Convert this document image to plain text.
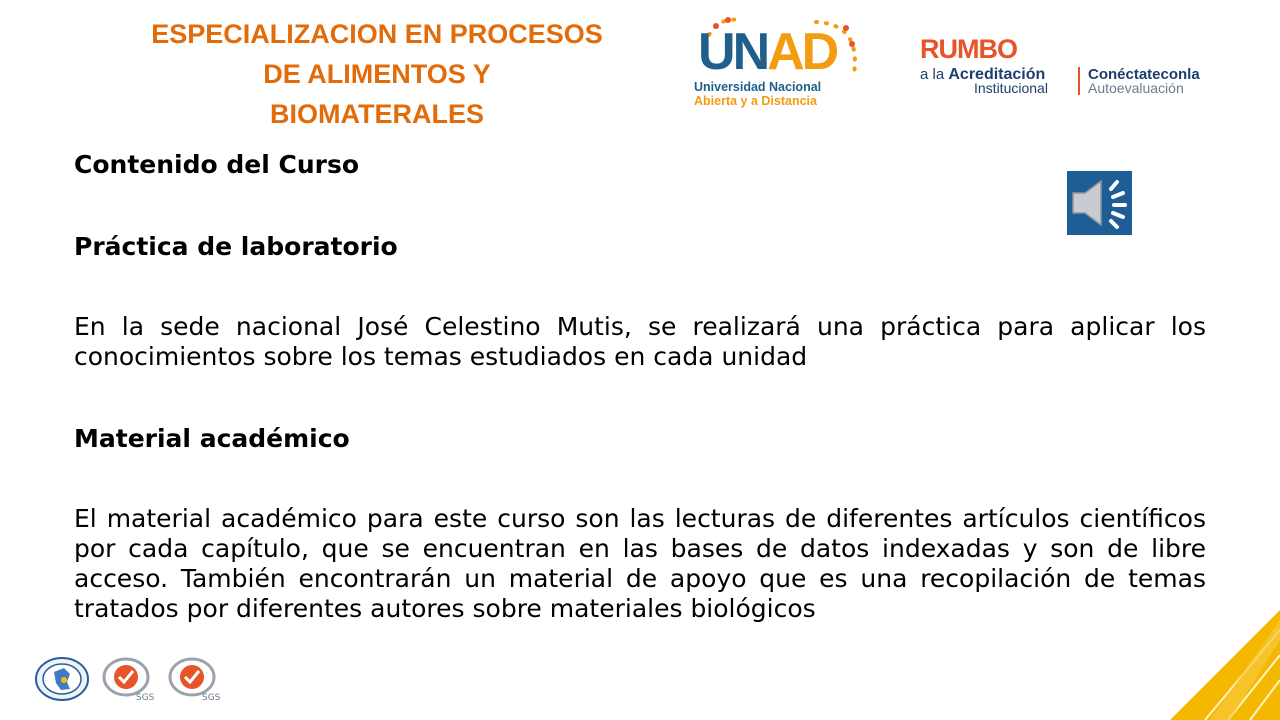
ESPECIALIZACION EN PROCESOS
DE ALIMENTOS Y
BIOMATERALES
UNAD
Universidad Nacional
Abierta y a Distancia
RUMBO
a la Acreditación
Institucional
Conéctateconla
Autoevaluación

Contenido del Curso

Práctica de laboratorio

En la sede nacional José Celestino Mutis, se realizará una práctica para aplicar los conocimientos sobre los temas estudiados en cada unidad

Material académico

El material académico para este curso son las lecturas de diferentes artículos científicos por cada capítulo, que se encuentran en las bases de datos indexadas y son de libre acceso. También encontrarán un material de apoyo que es una recopilación de temas tratados por diferentes autores sobre materiales biológicos

SGS	SGS
